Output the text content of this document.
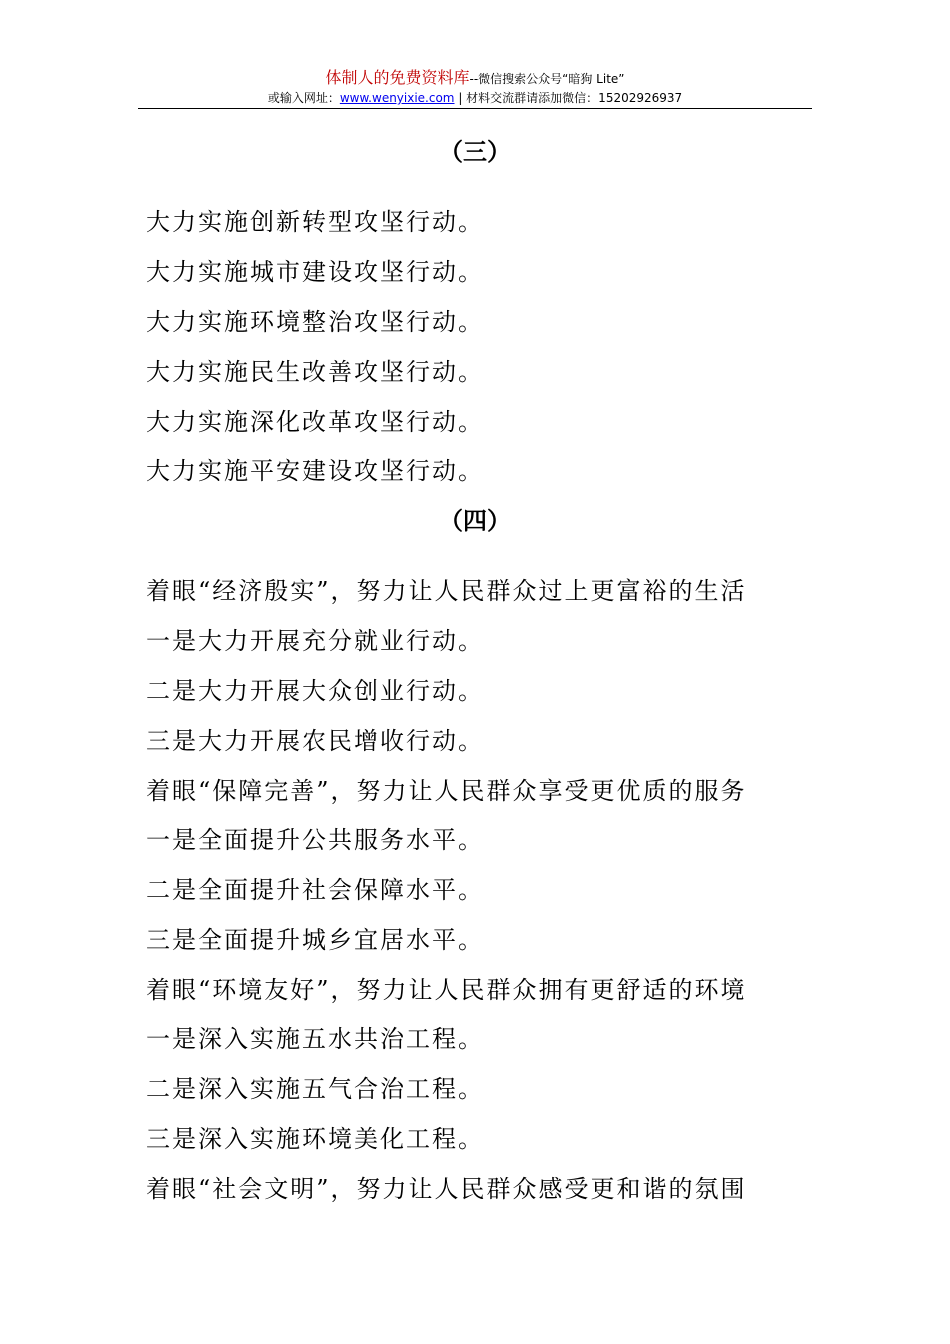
体制人的免费资料库--微信搜索公众号“暗狗 Lite”
或输入网址：www.wenyixie.com | 材料交流群请添加微信：15202926937
（三）
大力实施创新转型攻坚行动。
大力实施城市建设攻坚行动。
大力实施环境整治攻坚行动。
大力实施民生改善攻坚行动。
大力实施深化改革攻坚行动。
大力实施平安建设攻坚行动。
（四）
着眼“经济殷实”，努力让人民群众过上更富裕的生活
一是大力开展充分就业行动。
二是大力开展大众创业行动。
三是大力开展农民增收行动。
着眼“保障完善”，努力让人民群众享受更优质的服务
一是全面提升公共服务水平。
二是全面提升社会保障水平。
三是全面提升城乡宜居水平。
着眼“环境友好”，努力让人民群众拥有更舒适的环境
一是深入实施五水共治工程。
二是深入实施五气合治工程。
三是深入实施环境美化工程。
着眼“社会文明”，努力让人民群众感受更和谐的氛围
